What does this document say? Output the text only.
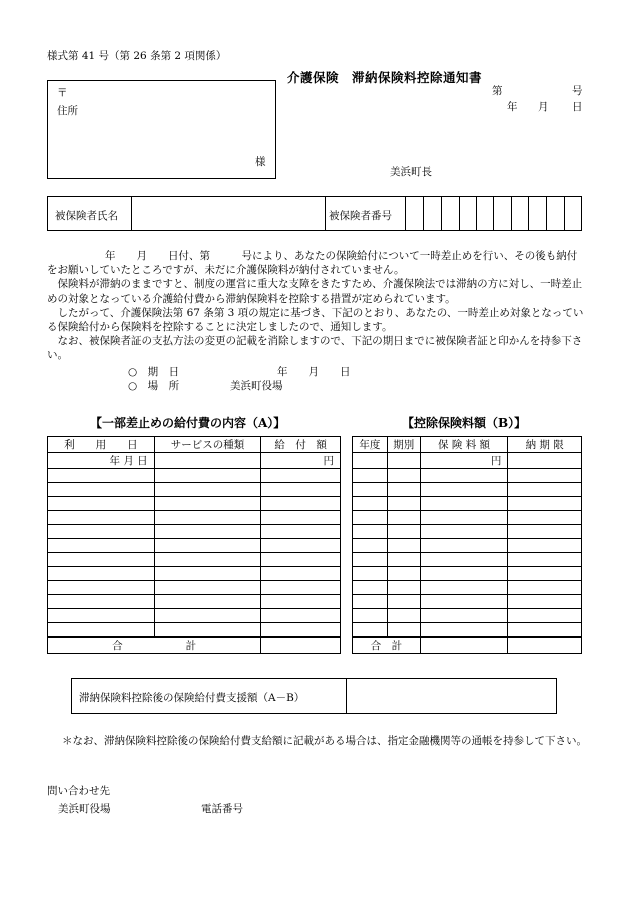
様式第 41 号（第 26 条第 2 項関係）
介護保険　滞納保険料控除通知書
第	号
年 月 日
〒
住所
様
美浜町長
被保険者氏名	被保険者番号

年　　月　　日付、第　　　号により、あなたの保険給付について一時差止めを行い、その後も納付をお願いしていたところですが、未だに介護保険料が納付されていません。

保険料が滞納のままですと、制度の運営に重大な支障をきたすため、介護保険法では滞納の方に対し、一時差止めの対象となっている介護給付費から滞納保険料を控除する措置が定められています。

したがって、介護保険法第 67 条第 3 項の規定に基づき、下記のとおり、あなたの、一時差止め対象となっている保険給付から保険料を控除することに決定しましたので、通知します。

なお、被保険者証の支払方法の変更の記載を消除しますので、下記の期日までに被保険者証と印かんを持参下さい。

○　期　日	年　　月　　日
○　場　所	美浜町役場
【一部差止めの給付費の内容（A）】	【控除保険料額（B）】
利　　用　　日	サービスの種類	給　付　額
年 月 日		円

合　　　　　　計		
年度	期別	保 険 料 額	納 期 限
		円	

合　計			
滞納保険料控除後の保険給付費支援額（A－B）
＊なお、滞納保険料控除後の保険給付費支給額に記載がある場合は、指定金融機関等の通帳を持参して下さい。
問い合わせ先
美浜町役場	電話番号
